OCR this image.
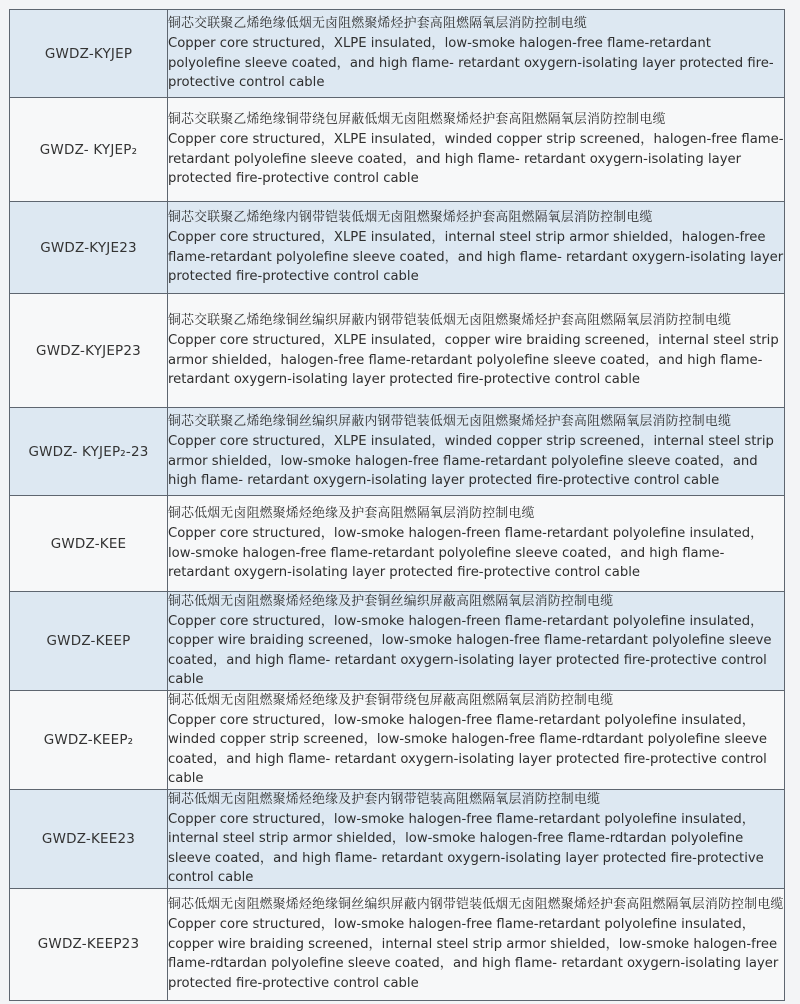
GWDZ-KYJEP	铜芯交联聚乙烯绝缘低烟无卤阻燃聚烯烃护套高阻燃隔氧层消防控制电缆
Copper core structured，XLPE insulated，low-smoke halogen-free flame-retardant polyolefine sleeve coated，and high flame- retardant oxygern-isolating layer protected fire-protective control cable

GWDZ- KYJEP₂	铜芯交联聚乙烯绝缘铜带绕包屏蔽低烟无卤阻燃聚烯烃护套高阻燃隔氧层消防控制电缆
Copper core structured，XLPE insulated，winded copper strip screened，halogen-free flame-retardant polyolefine sleeve coated，and high flame- retardant oxygern-isolating layer protected fire-protective control cable

GWDZ-KYJE23	铜芯交联聚乙烯绝缘内钢带铠装低烟无卤阻燃聚烯烃护套高阻燃隔氧层消防控制电缆
Copper core structured，XLPE insulated，internal steel strip armor shielded，halogen-free flame-retardant polyolefine sleeve coated，and high flame- retardant oxygern-isolating layer protected fire-protective control cable

GWDZ-KYJEP23	铜芯交联聚乙烯绝缘铜丝编织屏蔽内钢带铠装低烟无卤阻燃聚烯烃护套高阻燃隔氧层消防控制电缆
Copper core structured，XLPE insulated，copper wire braiding screened，internal steel strip armor shielded，halogen-free flame-retardant polyolefine sleeve coated，and high flame- retardant oxygern-isolating layer protected fire-protective control cable

GWDZ- KYJEP₂-23	铜芯交联聚乙烯绝缘铜丝编织屏蔽内钢带铠装低烟无卤阻燃聚烯烃护套高阻燃隔氧层消防控制电缆
Copper core structured，XLPE insulated，winded copper strip screened，internal steel strip armor shielded，low-smoke halogen-free flame-retardant polyolefine sleeve coated，and high flame- retardant oxygern-isolating layer protected fire-protective control cable

GWDZ-KEE	铜芯低烟无卤阻燃聚烯烃绝缘及护套高阻燃隔氧层消防控制电缆
Copper core structured，low-smoke halogen-freen flame-retardant polyolefine insulated，low-smoke halogen-free flame-retardant polyolefine sleeve coated，and high flame-retardant oxygern-isolating layer protected fire-protective control cable

GWDZ-KEEP	铜芯低烟无卤阻燃聚烯烃绝缘及护套铜丝编织屏蔽高阻燃隔氧层消防控制电缆
Copper core structured，low-smoke halogen-freen flame-retardant polyolefine insulated，copper wire braiding screened，low-smoke halogen-free flame-retardant polyolefine sleeve coated，and high flame- retardant oxygern-isolating layer protected fire-protective control cable

GWDZ-KEEP₂	铜芯低烟无卤阻燃聚烯烃绝缘及护套铜带绕包屏蔽高阻燃隔氧层消防控制电缆
Copper core structured，low-smoke halogen-free flame-retardant polyolefine insulated，winded copper strip screened，low-smoke halogen-free flame-rdtardant polyolefine sleeve coated，and high flame- retardant oxygern-isolating layer protected fire-protective control cable

GWDZ-KEE23	铜芯低烟无卤阻燃聚烯烃绝缘及护套内钢带铠装高阻燃隔氧层消防控制电缆
Copper core structured，low-smoke halogen-free flame-retardant polyolefine insulated，internal steel strip armor shielded，low-smoke halogen-free flame-rdtardan polyolefine sleeve coated，and high flame- retardant oxygern-isolating layer protected fire-protective control cable

GWDZ-KEEP23	铜芯低烟无卤阻燃聚烯烃绝缘铜丝编织屏蔽内钢带铠装低烟无卤阻燃聚烯烃护套高阻燃隔氧层消防控制电缆
Copper core structured，low-smoke halogen-free flame-retardant polyolefine insulated，copper wire braiding screened，internal steel strip armor shielded，low-smoke halogen-free flame-rdtardan polyolefine sleeve coated，and high flame- retardant oxygern-isolating layer protected fire-protective control cable
